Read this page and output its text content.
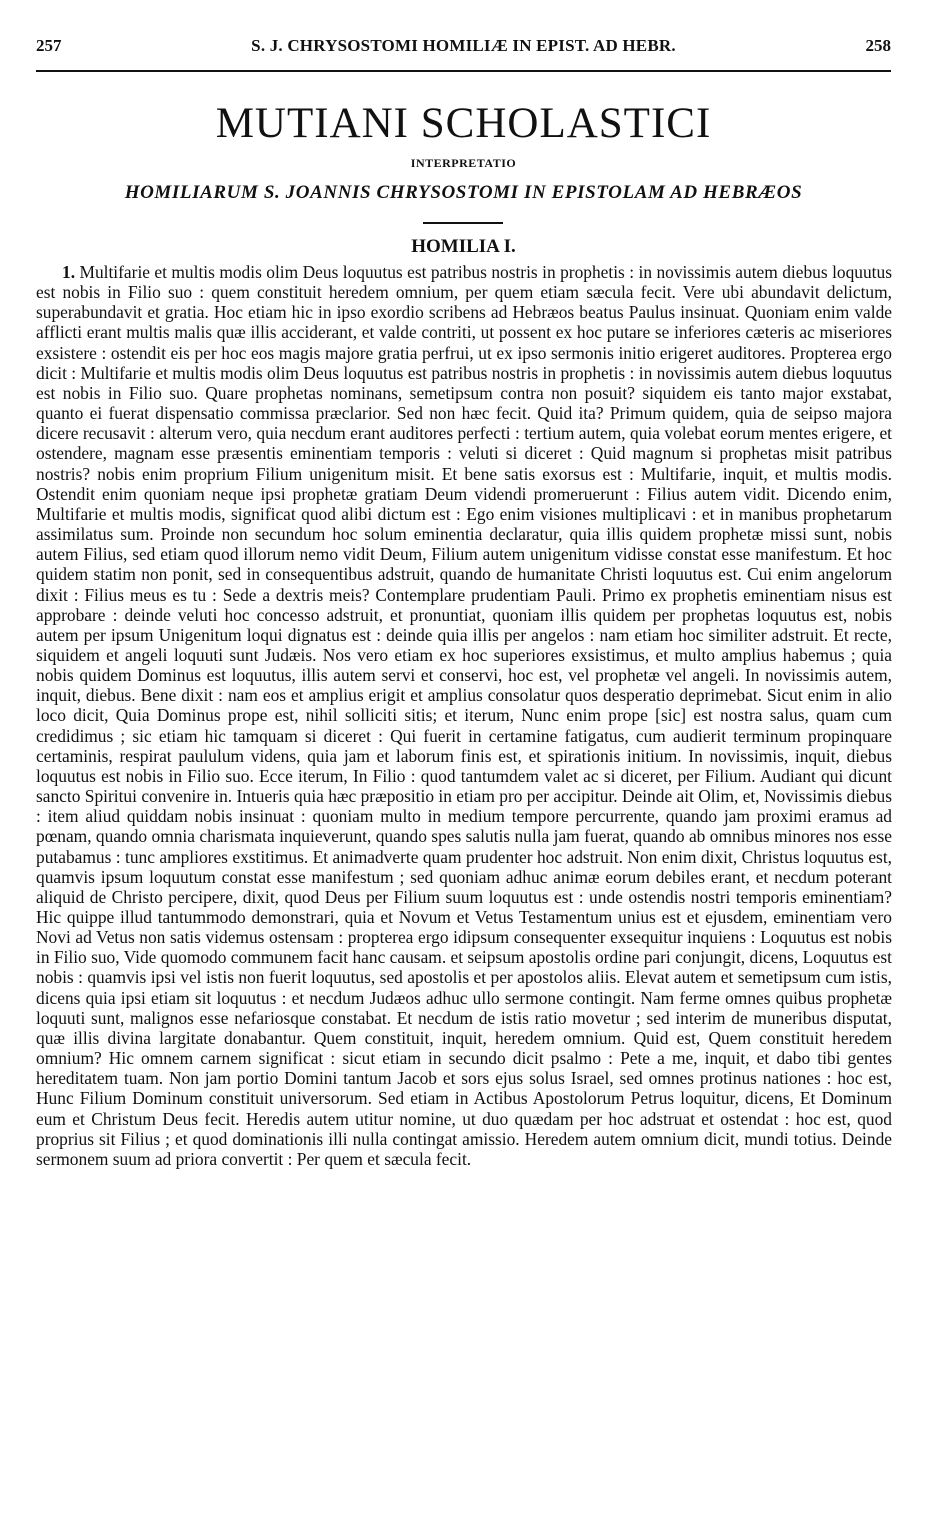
257	S. J. CHRYSOSTOMI HOMILIÆ IN EPIST. AD HEBR.	258
MUTIANI SCHOLASTICI
INTERPRETATIO
HOMILIARUM S. JOANNIS CHRYSOSTOMI IN EPISTOLAM AD HEBRÆOS
HOMILIA I.

1. Multifarie et multis modis olim Deus loquutus est patribus nostris in prophetis : in novissimis autem diebus loquutus est nobis in Filio suo : quem constituit heredem omnium, per quem etiam sæcula fecit. Vere ubi abundavit delictum, superabundavit et gratia. Hoc etiam hic in ipso exordio scribens ad Hebræos beatus Paulus insinuat. Quoniam enim valde afflicti erant multis malis quæ illis acciderant, et valde contriti, ut possent ex hoc putare se inferiores cæteris ac miseriores exsistere : ostendit eis per hoc eos magis majore gratia perfrui, ut ex ipso sermonis initio erigeret auditores. Propterea ergo dicit : Multifarie et multis modis olim Deus loquutus est patribus nostris in prophetis : in novissimis autem diebus loquutus est nobis in Filio suo. Quare prophetas nominans, semetipsum contra non posuit? siquidem eis tanto major exstabat, quanto ei fuerat dispensatio commissa præclarior. Sed non hæc fecit. Quid ita? Primum quidem, quia de seipso majora dicere recusavit : alterum vero, quia necdum erant auditores perfecti : tertium autem, quia volebat eorum mentes erigere, et ostendere, magnam esse præsentis eminentiam temporis : veluti si diceret : Quid magnum si prophetas misit patribus nostris? nobis enim proprium Filium unigenitum misit. Et bene satis exorsus est : Multifarie, inquit, et multis modis. Ostendit enim quoniam neque ipsi prophetæ gratiam Deum videndi promeruerunt : Filius autem vidit. Dicendo enim, Multifarie et multis modis, significat quod alibi dictum est : Ego enim visiones multiplicavi : et in manibus prophetarum assimilatus sum. Proinde non secundum hoc solum eminentia declaratur, quia illis quidem prophetæ missi sunt, nobis autem Filius, sed etiam quod illorum nemo vidit Deum, Filium autem unigenitum vidisse constat esse manifestum. Et hoc quidem statim non ponit, sed in consequentibus adstruit, quando de humanitate Christi loquutus est. Cui enim angelorum dixit : Filius meus es tu : Sede a dextris meis? Contemplare prudentiam Pauli. Primo ex prophetis eminentiam nisus est approbare : deinde veluti hoc concesso adstruit, et pronuntiat, quoniam illis quidem per prophetas loquutus est, nobis autem per ipsum Unigenitum loqui dignatus est : deinde quia illis per angelos : nam etiam hoc similiter adstruit. Et recte, siquidem et angeli loquuti sunt Judæis. Nos vero etiam ex hoc superiores exsistimus, et multo amplius habemus ; quia nobis quidem Dominus est loquutus, illis autem servi et conservi, hoc est, vel prophetæ vel angeli. In novissimis autem, inquit, diebus. Bene dixit : nam eos et amplius erigit et amplius consolatur quos desperatio deprimebat. Sicut enim in alio loco dicit, Quia Dominus prope est, nihil solliciti sitis; et iterum, Nunc enim prope [sic] est nostra salus, quam cum credidimus ; sic etiam hic tamquam si diceret : Qui fuerit in certamine fatigatus, cum audierit terminum propinquare certaminis, respirat paululum videns, quia jam et laborum finis est, et spirationis initium. In novissimis, inquit, diebus loquutus est nobis in Filio suo. Ecce iterum, In Filio : quod tantumdem valet ac si diceret, per Filium. Audiant qui dicunt sancto Spiritui convenire in. Intueris quia hæc præpositio in etiam pro per accipitur. Deinde ait Olim, et, Novissimis diebus : item aliud quiddam nobis insinuat : quoniam multo in medium tempore percurrente, quando jam proximi eramus ad pœnam, quando omnia charismata inquieverunt, quando spes salutis nulla jam fuerat, quando ab omnibus minores nos esse putabamus : tunc ampliores exstitimus. Et animadverte quam prudenter hoc adstruit. Non enim dixit, Christus loquutus est, quamvis ipsum loquutum constat esse manifestum ; sed quoniam adhuc animæ eorum debiles erant, et necdum poterant aliquid de Christo percipere, dixit, quod Deus per Filium suum loquutus est : unde ostendis nostri temporis eminentiam? Hic quippe illud tantummodo demonstrari, quia et Novum et Vetus Testamentum unius est et ejusdem, eminentiam vero Novi ad Vetus non satis videmus ostensam : propterea ergo idipsum consequenter exsequitur inquiens : Loquutus est nobis in Filio suo, Vide quomodo communem facit hanc causam. et seipsum apostolis ordine pari conjungit, dicens, Loquutus est nobis : quamvis ipsi vel istis non fuerit loquutus, sed apostolis et per apostolos aliis. Elevat autem et semetipsum cum istis, dicens quia ipsi etiam sit loquutus : et necdum Judæos adhuc ullo sermone contingit. Nam ferme omnes quibus prophetæ loquuti sunt, malignos esse nefariosque constabat. Et necdum de istis ratio movetur ; sed interim de muneribus disputat, quæ illis divina largitate donabantur. Quem constituit, inquit, heredem omnium. Quid est, Quem constituit heredem omnium? Hic omnem carnem significat : sicut etiam in secundo dicit psalmo : Pete a me, inquit, et dabo tibi gentes hereditatem tuam. Non jam portio Domini tantum Jacob et sors ejus solus Israel, sed omnes protinus nationes : hoc est, Hunc Filium Dominum constituit universorum. Sed etiam in Actibus Apostolorum Petrus loquitur, dicens, Et Dominum eum et Christum Deus fecit. Heredis autem utitur nomine, ut duo quædam per hoc adstruat et ostendat : hoc est, quod proprius sit Filius ; et quod dominationis illi nulla contingat amissio. Heredem autem omnium dicit, mundi totius. Deinde sermonem suum ad priora convertit : Per quem et sæcula fecit.
